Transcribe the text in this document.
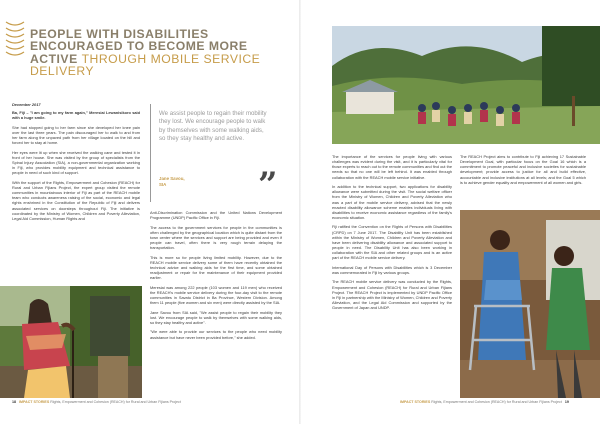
PEOPLE WITH DISABILITIES ENCOURAGED TO BECOME MORE ACTIVE THROUGH MOBILE SERVICE DELIVERY

December 2017

Ba, Fiji – "I am going to my farm again," Meresiai Lewanisikoro said with a huge smile.

She had stopped going to her farm since she developed her knee pain over the last three years. The pain discouraged her to walk to and from her farm along the unpaved path from her village located on the hill and forced her to stay at home.

Her eyes were lit up when she received the walking cane and tested it in front of her house. She was visited by the group of specialists from the Spinal Injury Association (SIA), a non-governmental organization working in Fiji, who provides mobility equipment and technical assistance to people in need of such kind of support.

With the support of the Rights, Empowerment and Cohesion (REACH) for Rural and Urban Fijians Project, the expert group visited the remote communities in mountainous interior of Fiji as part of the REACH mobile team who conducts awareness raising of the social, economic and legal rights enshrined in the Constitution of the Republic of Fiji and delivers associated services on doorsteps throughout Fiji. The initiative is coordinated by the Ministry of Women, Children and Poverty Alleviation, Legal Aid Commission, Human Rights and

We assist people to regain their mobility they lost. We encourage people to walk by themselves with some walking aids, so they stay healthy and active.
Jane Savou,
SIA	”

Anti-Discrimination Commission and the United Nations Development Programme (UNDP) Pacific Office in Fiji.

The access to the government services for people in the communities is often challenged by the geographical location which is quite distant from the town center where the services and support are being provided and even if people can travel, often there is very rough terrain delaying the transportation.

This is more so for people living limited mobility. However, due to the REACH mobile service delivery some of them have recently obtained the technical advice and walking aids for the first time, and some obtained readjustment or repair for the maintenance of their equipment provided earlier.

Meresiai was among 222 people (103 women and 119 men) who received the REACH's mobile service delivery during the four-day visit to the remote communities in Savatu District in Ba Province, Western Division. Among them 11 people (five women and six men) were directly assisted by the SIA.

Jane Savou from SIA said, "We assist people to regain their mobility they lost. We encourage people to walk by themselves with some walking aids, so they stay healthy and active".

"We were able to provide our services to the people who need mobility assistance but have never been provided before," she added.

18 IMPACT STORIES Rights, Empowerment and Cohesion (REACH) for Rural and Urban Fijians Project

The importance of the services for people living with various challenges was evident during the visit, and it is particularly vital for those experts to reach out to the remote communities and find out the needs so that no one will be left behind. It was enabled through collaboration with the REACH mobile service initiative.

In addition to the technical support, two applications for disability allowance were submitted during the visit. The social welfare officer from the Ministry of Women, Children and Poverty Alleviation who was a part of the mobile service delivery, advised that the newly enacted disability allowance scheme enables individuals living with disabilities to receive economic assistance regardless of the family's economic situation.

Fiji ratified the Convention on the Rights of Persons with Disabilities (CRPD) on 7 June 2017. The Disability Unit has been established within the Ministry of Women, Children and Poverty Alleviation and have been delivering disability allowance and associated support to people in need. The Disability Unit has also been working in collaboration with the SIA and other related groups and is an active part of the REACH mobile service delivery.

International Day of Persons with Disabilities which is 3 December was commemorated in Fiji by various groups.

The REACH mobile service delivery was conducted by the Rights, Empowerment and Cohesion (REACH) for Rural and Urban Fijians Project. The REACH Project is implemented by UNDP Pacific Office in Fiji in partnership with the Ministry of Women, Children and Poverty Alleviation, and the Legal Aid Commission and supported by the Government of Japan and UNDP.

The REACH Project aims to contribute to Fiji achieving 17 Sustainable Development Goal, with particular focus on the Goal 16 which is a commitment to promote peaceful and inclusive societies for sustainable development; provide access to justice for all and build effective, accountable and inclusive institutions at all levels; and the Goal 5 which is to achieve gender equality and empowerment of all women and girls.

IMPACT STORIES Rights, Empowerment and Cohesion (REACH) for Rural and Urban Fijians Project 19
